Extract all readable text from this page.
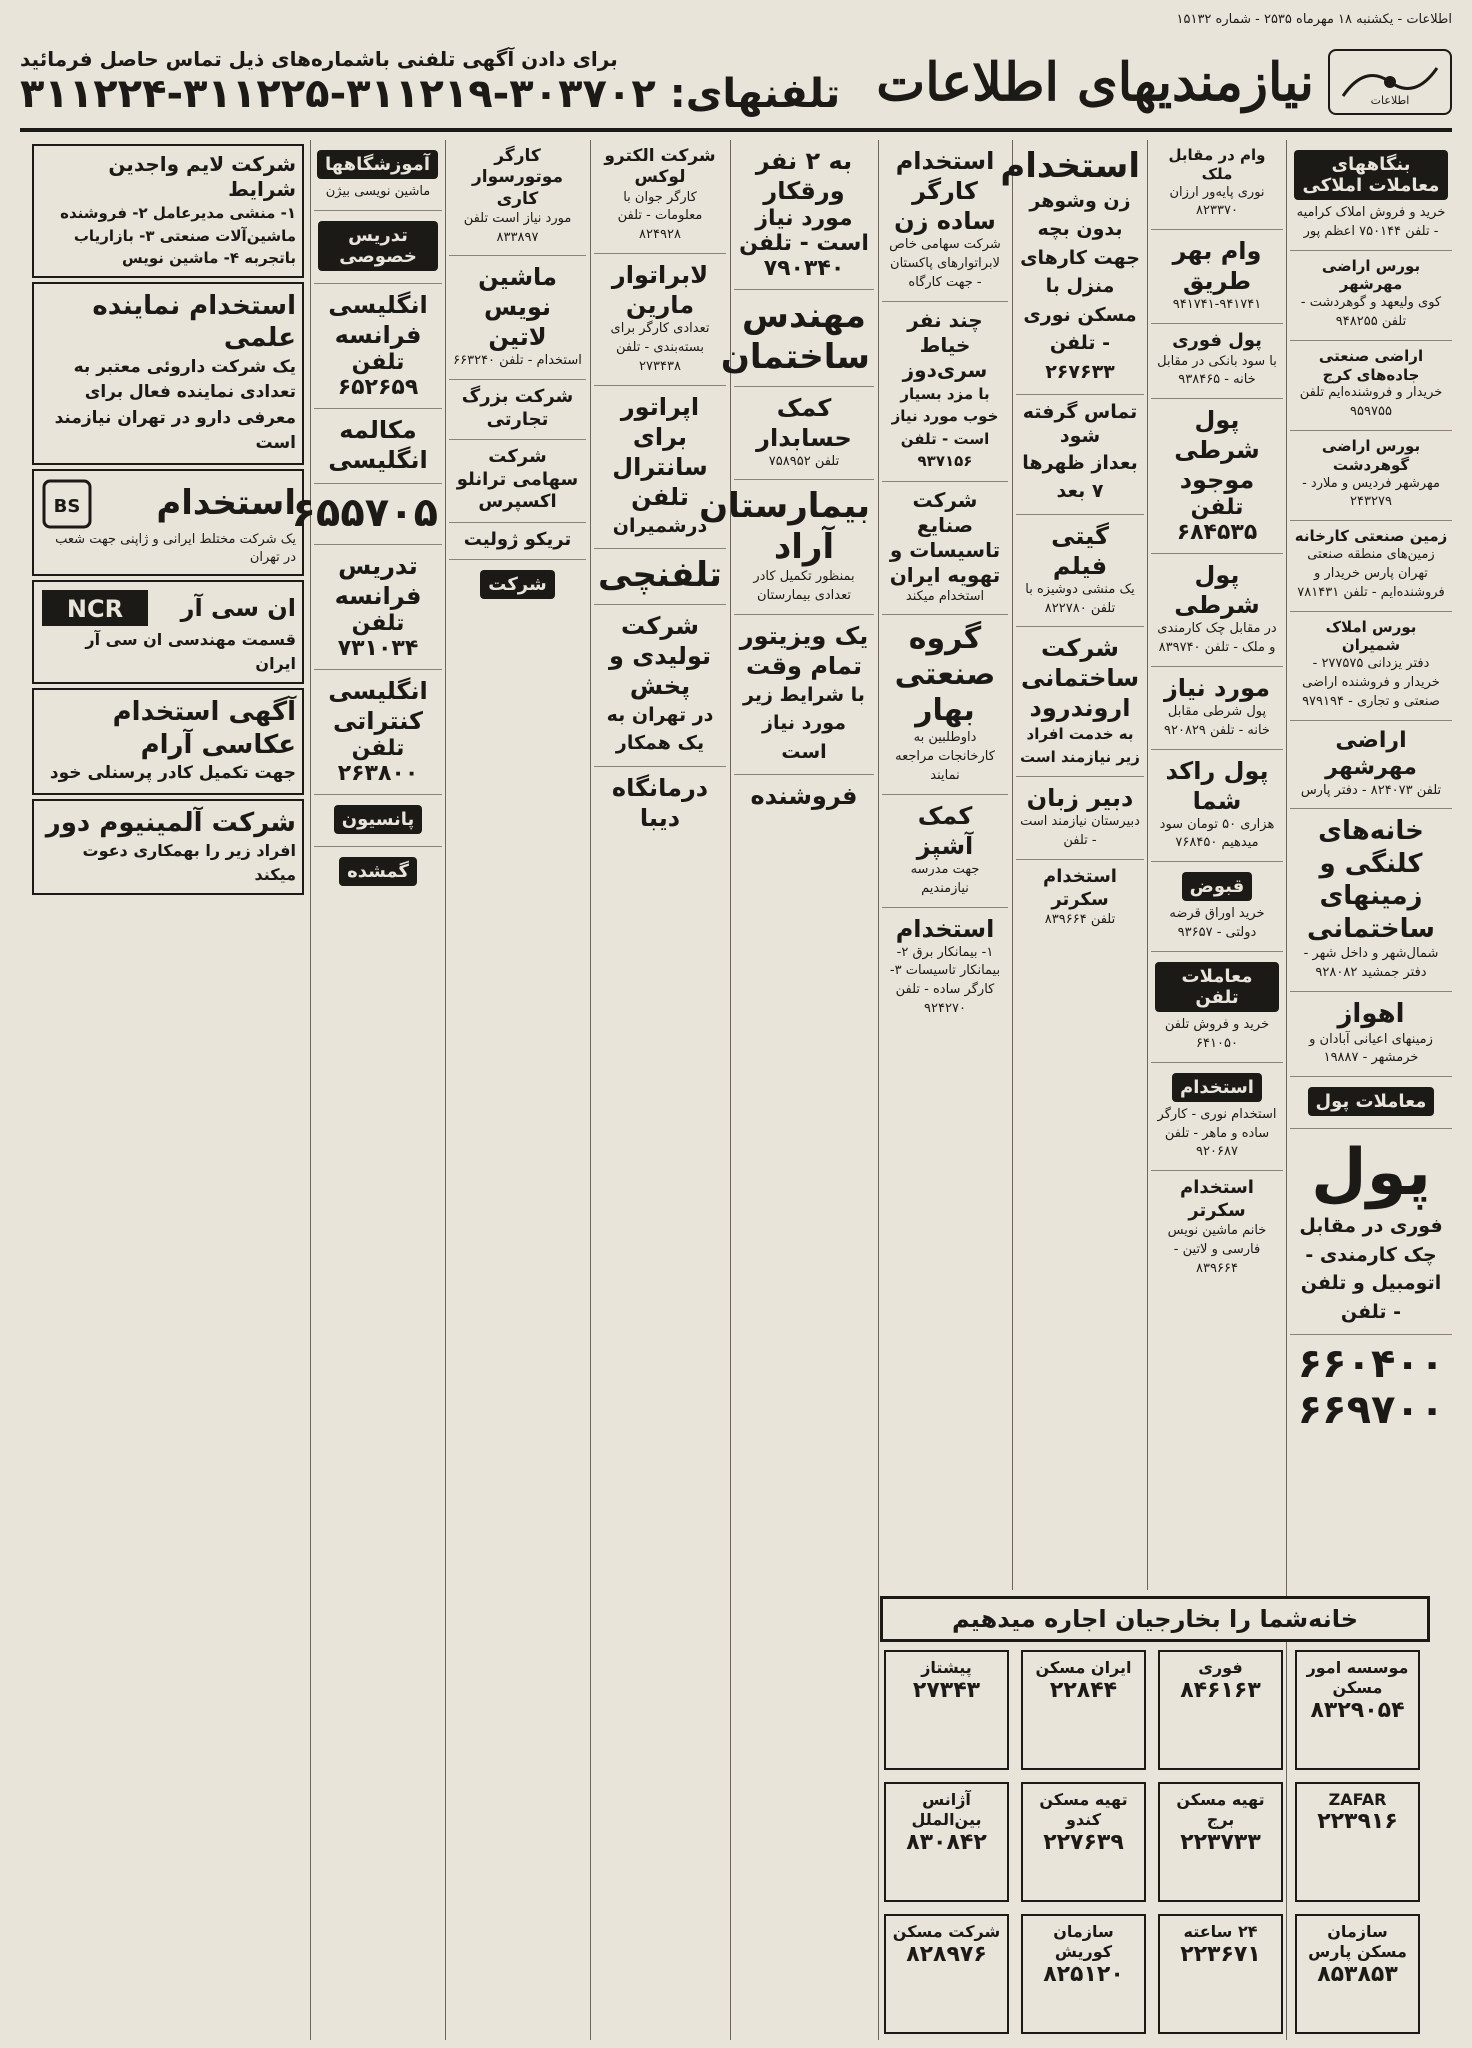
اطلاعات - یکشنبه ۱۸ مهرماه ۲۵۳۵ - شماره ۱۵۱۳۲
اطلاعات
نیازمندیهای اطلاعات
برای دادن آگهی تلفنی باشماره‌های ذیل تماس حاصل فرمائید
تلفنهای: ۳۰۳۷۰۲-۳۱۱۲۱۹-۳۱۱۲۲۵-۳۱۱۲۲۴
بنگاههای معاملات املاکی
خرید و فروش املاک کرامیه - تلفن ۷۵۰۱۴۴ اعظم پور
بورس اراضی مهرشهر
کوی ولیعهد و گوهردشت - تلفن ۹۴۸۲۵۵
اراضی صنعتی جاده‌های کرج
خریدار و فروشنده‌ایم تلفن ۹۵۹۷۵۵
بورس اراضی گوهردشت
مهرشهر فردیس و ملارد - ۲۴۳۲۷۹
زمین صنعتی کارخانه
زمین‌های منطقه صنعتی تهران پارس خریدار و فروشنده‌ایم - تلفن ۷۸۱۴۳۱
بورس املاک شمیران
دفتر یزدانی ۲۷۷۵۷۵ - خریدار و فروشنده اراضی صنعتی و تجاری - ۹۷۹۱۹۴
اراضی مهرشهر
تلفن ۸۲۴۰۷۳ - دفتر پارس
خانه‌های کلنگی و زمینهای ساختمانی
شمال‌شهر و داخل شهر - دفتر جمشید ۹۲۸۰۸۲
اهواز
زمینهای اعیانی آبادان و خرمشهر - ۱۹۸۸۷
معاملات پول
پول
فوری در مقابل چک کارمندی - اتومبیل و تلفن - تلفن
۶۶۰۴۰۰
۶۶۹۷۰۰
وام در مقابل ملک
نوری پایه‌ور ارزان ۸۲۳۳۷۰
وام بهر طریق
۹۴۱۷۴۱-۹۴۱۷۴۱
پول فوری
با سود بانکی در مقابل خانه - ۹۳۸۴۶۵
پول شرطی موجود
تلفن ۶۸۴۵۳۵
پول شرطی
در مقابل چک کارمندی و ملک - تلفن ۸۳۹۷۴۰
مورد نیاز
پول شرطی مقابل خانه - تلفن ۹۲۰۸۲۹
پول راکد شما
هزاری ۵۰ تومان سود میدهیم ۷۶۸۴۵۰
قبوض
خرید اوراق قرضه دولتی - ۹۳۶۵۷
معاملات تلفن
خرید و فروش تلفن ۶۴۱۰۵۰
استخدام
استخدام نوری - کارگر ساده و ماهر - تلفن ۹۲۰۶۸۷
استخدام سکرتر
خانم ماشین نویس فارسی و لاتین - ۸۳۹۶۶۴
استخدام
زن وشوهر بدون بچه جهت کارهای منزل با مسکن نوری - تلفن ۲۶۷۶۳۳
تماس گرفته شود
بعداز ظهرها ۷ بعد
گیتی فیلم
یک منشی دوشیزه با تلفن ۸۲۲۷۸۰
شرکت ساختمانی اروندرود
به خدمت افراد زیر نیازمند است
دبیر زبان
دبیرستان نیازمند است - تلفن
استخدام سکرتر
تلفن ۸۳۹۶۶۴
استخدام کارگر ساده زن
شرکت سهامی خاص لابراتوارهای پاکستان - جهت کارگاه
چند نفر خیاط سری‌دوز
با مزد بسیار خوب مورد نیاز است - تلفن ۹۳۷۱۵۶
شرکت صنایع تاسیسات و تهویه ایران
استخدام میکند
گروه صنعتی بهار
داوطلبین به کارخانجات مراجعه نمایند
کمک آشپز
جهت مدرسه نیازمندیم
استخدام
۱- بیمانکار برق ۲- بیمانکار تاسیسات ۳- کارگر ساده - تلفن ۹۲۴۲۷۰
به ۲ نفر ورقکار
مورد نیاز است - تلفن ۷۹۰۳۴۰
مهندس ساختمان
کمک حسابدار
تلفن ۷۵۸۹۵۲
بیمارستان آراد
بمنظور تکمیل کادر تعدادی بیمارستان
یک ویزیتور تمام وقت
با شرایط زیر مورد نیاز است
فروشنده
شرکت الکترو لوکس
کارگر جوان با معلومات - تلفن ۸۲۴۹۲۸
لابراتوار مارین
تعدادی کارگر برای بسته‌بندی - تلفن ۲۷۳۴۳۸
اپراتور برای سانترال تلفن
درشمیران
تلفنچی
شرکت تولیدی و پخش
در تهران به یک همکار
درمانگاه دیبا
کارگر موتورسوار کاری
مورد نیاز است تلفن ۸۳۳۸۹۷
ماشین نویس لاتین
استخدام - تلفن ۶۶۳۲۴۰
شرکت بزرگ تجارتی
شرکت سهامی ترانلو اکسپرس
تریکو ژولیت
شرکت
آموزشگاهها
ماشین نویسی بیژن
تدریس خصوصی
انگلیسی فرانسه
تلفن ۶۵۲۶۵۹
مکالمه انگلیسی
۶۵۵۷۰۵
تدریس فرانسه
تلفن ۷۳۱۰۳۴
انگلیسی کنتراتی
تلفن ۲۶۳۸۰۰
پانسیون
گمشده
شرکت لایم واجدین شرایط
۱- منشی مدیرعامل ۲- فروشنده ماشین‌آلات صنعتی ۳- بازاریاب باتجربه ۴- ماشین نویس
استخدام نماینده علمی
یک شرکت داروئی معتبر به تعدادی نماینده فعال برای معرفی دارو در تهران نیازمند است
استخدام
BS
یک شرکت مختلط ایرانی و ژاپنی جهت شعب در تهران
ان سی آر
NCR
قسمت مهندسی ان سی آر ایران
آگهی استخدام عکاسی آرام
جهت تکمیل کادر پرسنلی خود
شرکت آلمینیوم دور
افراد زیر را بهمکاری دعوت میکند
خانه‌شما را بخارجیان اجاره میدهیم
موسسه امور مسکن
۸۳۲۹۰۵۴
فوری
۸۴۶۱۶۳
ایران مسکن
۲۲۸۴۴
پیشتاز
۲۷۳۴۳
ZAFAR
۲۲۳۹۱۶
تهیه مسکن برج
۲۲۳۷۳۳
تهیه مسکن کندو
۲۲۷۶۳۹
آژانس بین‌الملل
۸۳۰۸۴۲
سازمان مسکن پارس
۸۵۳۸۵۳
۲۴ ساعته
۲۲۳۶۷۱
سازمان کوریش
۸۲۵۱۲۰
شرکت مسکن
۸۲۸۹۷۶
